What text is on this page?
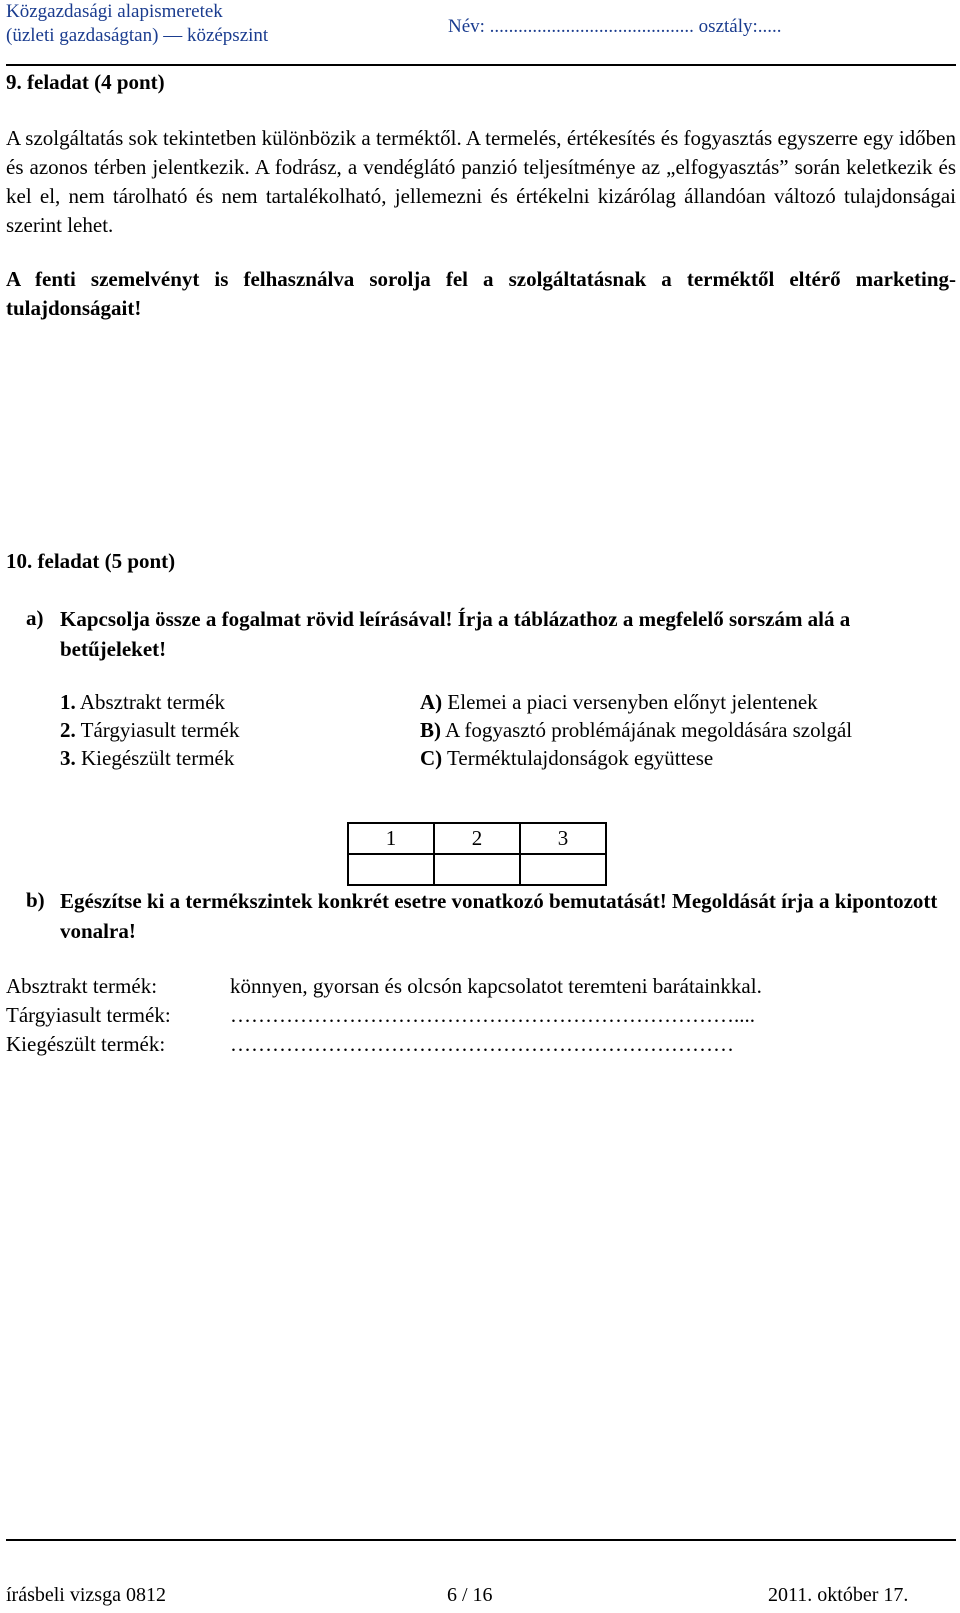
Közgazdasági alapismeretek
(üzleti gazdaságtan) — középszint	Név: ........................................... osztály:.....
9. feladat (4 pont)
A szolgáltatás sok tekintetben különbözik a terméktől. A termelés, értékesítés és fogyasztás egyszerre egy időben és azonos térben jelentkezik. A fodrász, a vendéglátó panzió teljesítménye az „elfogyasztás” során keletkezik és kel el, nem tárolható és nem tartalékolható, jellemezni és értékelni kizárólag állandóan változó tulajdonságai szerint lehet.
A fenti szemelvényt is felhasználva sorolja fel a szolgáltatásnak a terméktől eltérő marketing-tulajdonságait!
10. feladat (5 pont)
a) Kapcsolja össze a fogalmat rövid leírásával! Írja a táblázathoz a megfelelő sorszám alá a betűjeleket!
1. Absztrakt termék
2. Tárgyiasult termék
3. Kiegészült termék
A) Elemei a piaci versenyben előnyt jelentenek
B) A fogyasztó problémájának megoldására szolgál
C) Terméktulajdonságok együttese
1	2	3

b) Egészítse ki a termékszintek konkrét esetre vonatkozó bemutatását! Megoldását írja a kipontozott vonalra!
Absztrakt termék:	könnyen, gyorsan és olcsón kapcsolatot teremteni barátainkkal.
Tárgyiasult termék:	………………………………………………………………....
Kiegészült termék:	………………………………………………………………
írásbeli vizsga 0812	6 / 16	2011. október 17.
